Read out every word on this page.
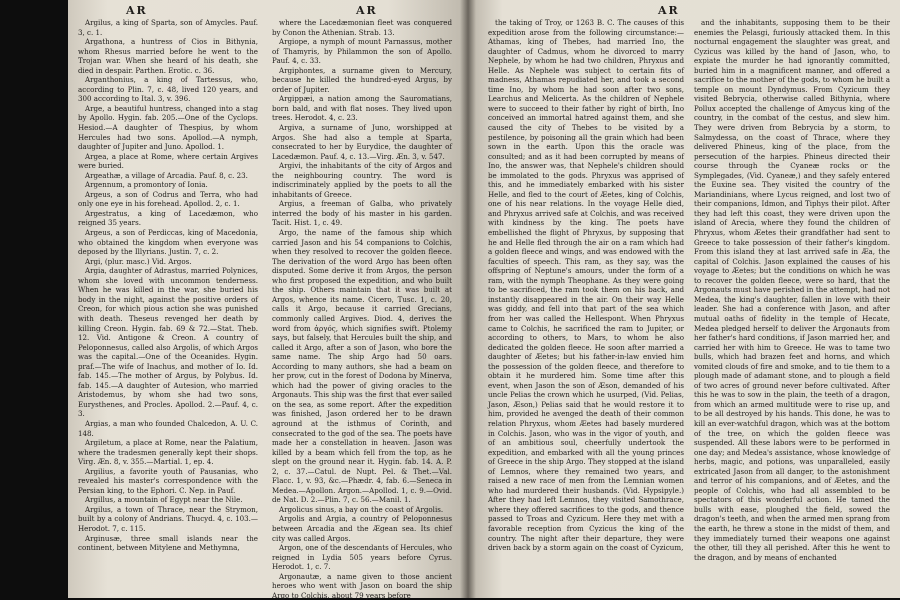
AR	AR

Argilus, a king of Sparta, son of Amycles. Pauf. 3, c. 1.

Argathona, a huntress of Cios in Bithynia, whom Rhesus married before he went to the Trojan war. When she heard of his death, she died in despair. Parthen. Erotic. c. 36.

Arganthonius, a king of Tartessus, who, according to Plin. 7, c. 48, lived 120 years, and 300 according to Ital. 3, v. 396.

Arge, a beautiful huntress, changed into a stag by Apollo. Hygin. fab. 205.—One of the Cyclops. Hesiod.—A daughter of Thespius, by whom Hercules had two sons. Apollod.—A nymph, daughter of Jupiter and Juno. Apollod. 1.

Argea, a place at Rome, where certain Argives were buried.

Argeathæ, a village of Arcadia. Pauf. 8, c. 23.

Argennum, a promontory of Ionia.

Argeus, a son of Codrus and Terra, who had only one eye in his forehead. Apollod. 2, c. 1.

Argestratus, a king of Lacedæmon, who reigned 35 years.

Argeus, a son of Perdiccas, king of Macedonia, who obtained the kingdom when everyone was deposed by the Illyrians. Justin. 7, c. 2.

Argi, (plur. masc.) Vid. Argos.

Argia, daughter of Adrastus, married Polynices, whom she loved with uncommon tenderness. When he was killed in the war, she buried his body in the night, against the positive orders of Creon, for which pious action she was punished with death. Theseus revenged her death by killing Creon. Hygin. fab. 69 & 72.—Stat. Theb. 12. Vid. Antigone & Creon. A country of Peloponnesus, called also Argolis, of which Argos was the capital.—One of the Oceanides. Hygin. praf.—The wife of Inachus, and mother of Io. Id. fab. 145.—The mother of Argus, by Polybus. Id. fab. 145.—A daughter of Autesion, who married Aristodemus, by whom she had two sons, Eurysthenes, and Procles. Apollod. 2.—Pauf. 4, c. 3.

Argias, a man who founded Chalcedon, A. U. C. 148.

Argiletum, a place at Rome, near the Palatium, where the tradesmen generally kept their shops. Virg. Æn. 8, v. 355.—Martial. 1, ep. 4.

Argilius, a favorite youth of Pausanias, who revealed his master's correspondence with the Persian king, to the Ephori. C. Nep. in Pauf.

Argillus, a mountain of Egypt near the Nile.

Argilus, a town of Thrace, near the Strymon, built by a colony of Andrians. Thucyd. 4, c. 103.—Herodot. 7, c. 115.

Arginusæ, three small islands near the continent, between Mitylene and Methymna,

where the Lacedæmonian fleet was conquered by Conon the Athenian. Strab. 13.

Argiope, a nymph of mount Parnassus, mother of Thamyris, by Philammon the son of Apollo. Pauf. 4, c. 33.

Argiphontes, a surname given to Mercury, because he killed the hundred-eyed Argus, by order of Jupiter.

Argippæi, a nation among the Sauromatians, born bald, and with flat noses. They lived upon trees. Herodot. 4, c. 23.

Argiva, a surname of Juno, worshipped at Argos. She had also a temple at Sparta, consecrated to her by Eurydice, the daughter of Lacedæmon. Pauf. 4, c. 13.—Virg. Æn. 3, v. 547.

Argivi, the inhabitants of the city of Argos and the neighbouring country. The word is indiscriminately applied by the poets to all the inhabitants of Greece.

Argius, a freeman of Galba, who privately interred the body of his master in his garden. Tacit. Hist. 1, c. 49.

Argo, the name of the famous ship which carried Jason and his 54 companions to Colchis, when they resolved to recover the golden fleece. The derivation of the word Argo has been often disputed. Some derive it from Argos, the person who first proposed the expedition, and who built the ship. Others maintain that it was built at Argos, whence its name. Cicero, Tusc. 1, c. 20, calls it Argo, because it carried Grecians, commonly called Argives. Diod. 4, derives the word from ἀργός, which signifies swift. Ptolemy says, but falsely, that Hercules built the ship, and called it Argo, after a son of Jason, who bore the same name. The ship Argo had 50 oars. According to many authors, she had a beam on her prow, cut in the forest of Dodona by Minerva, which had the power of giving oracles to the Argonauts. This ship was the first that ever sailed on the sea, as some report. After the expedition was finished, Jason ordered her to be drawn aground at the isthmus of Corinth, and consecrated to the god of the sea. The poets have made her a constellation in heaven. Jason was killed by a beam which fell from the top, as he slept on the ground near it. Hygin. fab. 14. A. P. 2, c. 37.—Catul. de Nupt. Pel. & Thet.—Val. Flacc. 1, v. 93, &c.—Phædr. 4, fab. 6.—Seneca in Medea.—Apollon. Argon.—Apollod. 1, c. 9.—Ovid. de Nat. D. 2.—Plin. 7, c. 56.—Manil. 1.

Argolicus sinus, a bay on the coast of Argolis.

Argolis and Argia, a country of Peloponnesus between Arcadia and the Ægean sea. Its chief city was called Argos.

Argon, one of the descendants of Hercules, who reigned in Lydia 505 years before Cyrus. Herodot. 1, c. 7.

Argonautæ, a name given to those ancient heroes who went with Jason on board the ship Argo to Colchis, about 79 years before

AR

the taking of Troy, or 1263 B. C. The causes of this expedition arose from the following circumstance:—Athamas, king of Thebes, had married Ino, the daughter of Cadmus, whom he divorced to marry Nephele, by whom he had two children, Phryxus and Helle. As Nephele was subject to certain fits of madness, Athamas repudiated her, and took a second time Ino, by whom he had soon after two sons, Learchus and Melicerta. As the children of Nephele were to succeed to their father by right of birth, Ino conceived an immortal hatred against them, and she caused the city of Thebes to be visited by a pestilence, by poisoning all the grain which had been sown in the earth. Upon this the oracle was consulted; and as it had been corrupted by means of Ino, the answer was, that Nephele's children should be immolated to the gods. Phryxus was apprised of this, and he immediately embarked with his sister Helle, and fled to the court of Æetes, king of Colchis, one of his near relations. In the voyage Helle died, and Phryxus arrived safe at Colchis, and was received with kindness by the king. The poets have embellished the flight of Phryxus, by supposing that he and Helle fled through the air on a ram which had a golden fleece and wings, and was endowed with the faculties of speech. This ram, as they say, was the offspring of Neptune's amours, under the form of a ram, with the nymph Theophane. As they were going to be sacrificed, the ram took them on his back, and instantly disappeared in the air. On their way Helle was giddy, and fell into that part of the sea which from her was called the Hellespont. When Phryxus came to Colchis, he sacrificed the ram to Jupiter, or according to others, to Mars, to whom he also dedicated the golden fleece. He soon after married a daughter of Æetes; but his father-in-law envied him the possession of the golden fleece, and therefore to obtain it he murdered him. Some time after this event, when Jason the son of Æson, demanded of his uncle Pelias the crown which he usurped, (Vid. Pelias, Jason, Æson,) Pelias said that he would restore it to him, provided he avenged the death of their common relation Phryxus, whom Æetes had basely murdered in Colchis. Jason, who was in the vigor of youth, and of an ambitious soul, cheerfully undertook the expedition, and embarked with all the young princes of Greece in the ship Argo. They stopped at the island of Lemnos, where they remained two years, and raised a new race of men from the Lemnian women who had murdered their husbands. (Vid. Hypsipyle.) After they had left Lemnos, they visited Samothrace, where they offered sacrifices to the gods, and thence passed to Troas and Cyzicum. Here they met with a favorable reception from Cyzicus the king of the country. The night after their departure, they were driven back by a storm again on the coast of Cyzicum,

and the inhabitants, supposing them to be their enemies the Pelasgi, furiously attacked them. In this nocturnal engagement the slaughter was great, and Cyzicus was killed by the hand of Jason, who, to expiate the murder he had ignorantly committed, buried him in a magnificent manner, and offered a sacrifice to the mother of the gods, to whom he built a temple on mount Dyndymus. From Cyzicum they visited Bebrycia, otherwise called Bithynia, where Pollux accepted the challenge of Amycus king of the country, in the combat of the cestus, and slew him. They were driven from Bebrycia by a storm, to Salmydessa, on the coast of Thrace, where they delivered Phineus, king of the place, from the persecution of the harpies. Phineus directed their course through the Cyaneæ rocks or the Symplegades, (Vid. Cyaneæ,) and they safely entered the Euxine sea. They visited the country of the Mariandinians, where Lycus reigned, and lost two of their companions, Idmon, and Tiphys their pilot. After they had left this coast, they were driven upon the island of Arecia, where they found the children of Phryxus, whom Æetes their grandfather had sent to Greece to take possession of their father's kingdom. From this island they at last arrived safe in Æa, the capital of Colchis. Jason explained the causes of his voyage to Æetes; but the conditions on which he was to recover the golden fleece, were so hard, that the Argonauts must have perished in the attempt, had not Medea, the king's daughter, fallen in love with their leader. She had a conference with Jason, and after mutual oaths of fidelity in the temple of Hecate, Medea pledged herself to deliver the Argonauts from her father's hard conditions, if Jason married her, and carried her with him to Greece. He was to tame two bulls, which had brazen feet and horns, and which vomited clouds of fire and smoke, and to tie them to a plough made of adamant stone, and to plough a field of two acres of ground never before cultivated. After this he was to sow in the plain, the teeth of a dragon, from which an armed multitude were to rise up, and to be all destroyed by his hands. This done, he was to kill an ever-watchful dragon, which was at the bottom of the tree, on which the golden fleece was suspended. All these labors were to be performed in one day; and Medea's assistance, whose knowledge of herbs, magic, and potions, was unparalleled, easily extricated Jason from all danger, to the astonishment and terror of his companions, and of Æetes, and the people of Colchis, who had all assembled to be spectators of this wonderful action. He tamed the bulls with ease, ploughed the field, sowed the dragon's teeth, and when the armed men sprang from the earth, he threw a stone in the midst of them, and they immediately turned their weapons one against the other, till they all perished. After this he went to the dragon, and by means of enchanted
